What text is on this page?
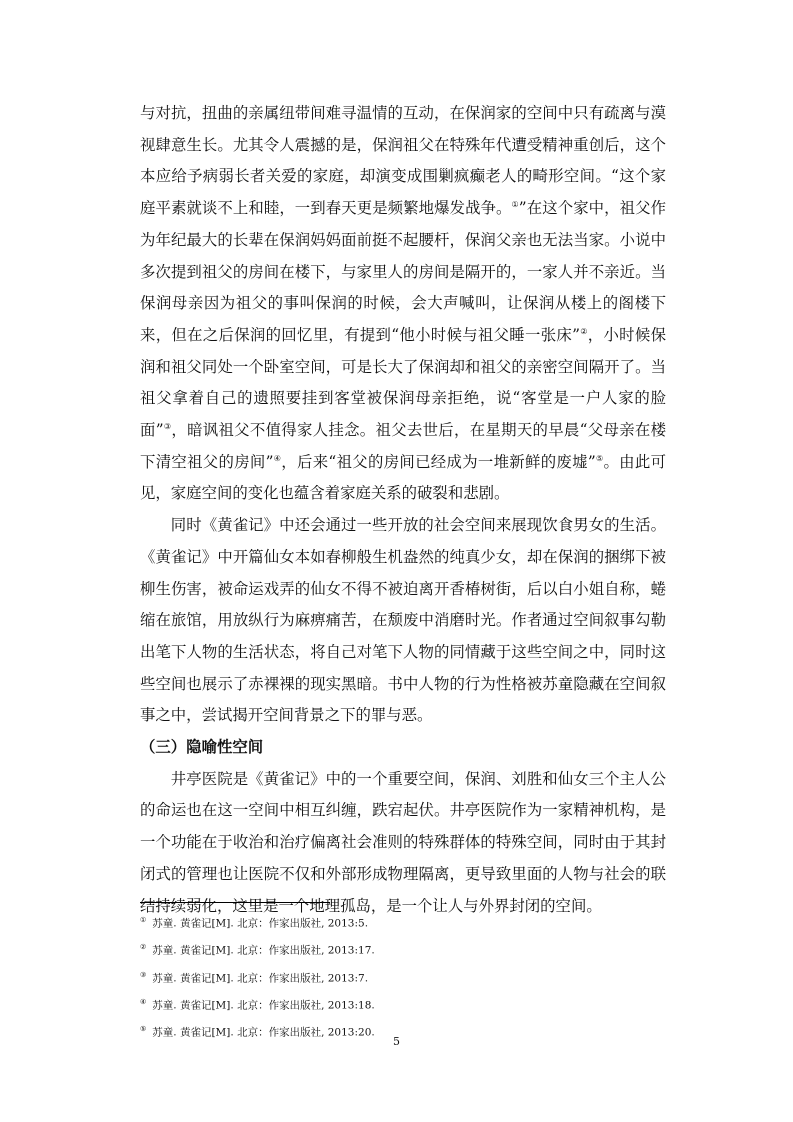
与对抗，扭曲的亲属纽带间难寻温情的互动，在保润家的空间中只有疏离与漠视肆意生长。尤其令人震撼的是，保润祖父在特殊年代遭受精神重创后，这个本应给予病弱长者关爱的家庭，却演变成围剿疯癫老人的畸形空间。“这个家庭平素就谈不上和睦，一到春天更是频繁地爆发战争。①”在这个家中，祖父作为年纪最大的长辈在保润妈妈面前挺不起腰杆，保润父亲也无法当家。小说中多次提到祖父的房间在楼下，与家里人的房间是隔开的，一家人并不亲近。当保润母亲因为祖父的事叫保润的时候，会大声喊叫，让保润从楼上的阁楼下来，但在之后保润的回忆里，有提到“他小时候与祖父睡一张床”②，小时候保润和祖父同处一个卧室空间，可是长大了保润却和祖父的亲密空间隔开了。当祖父拿着自己的遗照要挂到客堂被保润母亲拒绝，说“客堂是一户人家的脸面”③，暗讽祖父不值得家人挂念。祖父去世后，在星期天的早晨“父母亲在楼下清空祖父的房间”④，后来“祖父的房间已经成为一堆新鲜的废墟”⑤。由此可见，家庭空间的变化也蕴含着家庭关系的破裂和悲剧。

同时《黄雀记》中还会通过一些开放的社会空间来展现饮食男女的生活。《黄雀记》中开篇仙女本如春柳般生机盎然的纯真少女，却在保润的捆绑下被柳生伤害，被命运戏弄的仙女不得不被迫离开香椿树街，后以白小姐自称，蜷缩在旅馆，用放纵行为麻痹痛苦，在颓废中消磨时光。作者通过空间叙事勾勒出笔下人物的生活状态，将自己对笔下人物的同情藏于这些空间之中，同时这些空间也展示了赤裸裸的现实黑暗。书中人物的行为性格被苏童隐藏在空间叙事之中，尝试揭开空间背景之下的罪与恶。

（三）隐喻性空间

井亭医院是《黄雀记》中的一个重要空间，保润、刘胜和仙女三个主人公的命运也在这一空间中相互纠缠，跌宕起伏。井亭医院作为一家精神机构，是一个功能在于收治和治疗偏离社会准则的特殊群体的特殊空间，同时由于其封闭式的管理也让医院不仅和外部形成物理隔离，更导致里面的人物与社会的联结持续弱化，这里是一个地理孤岛，是一个让人与外界封闭的空间。

① 苏童. 黄雀记[M]. 北京：作家出版社, 2013:5.
② 苏童. 黄雀记[M]. 北京：作家出版社, 2013:17.
③ 苏童. 黄雀记[M]. 北京：作家出版社, 2013:7.
④ 苏童. 黄雀记[M]. 北京：作家出版社, 2013:18.
⑤ 苏童. 黄雀记[M]. 北京：作家出版社, 2013:20.
5
